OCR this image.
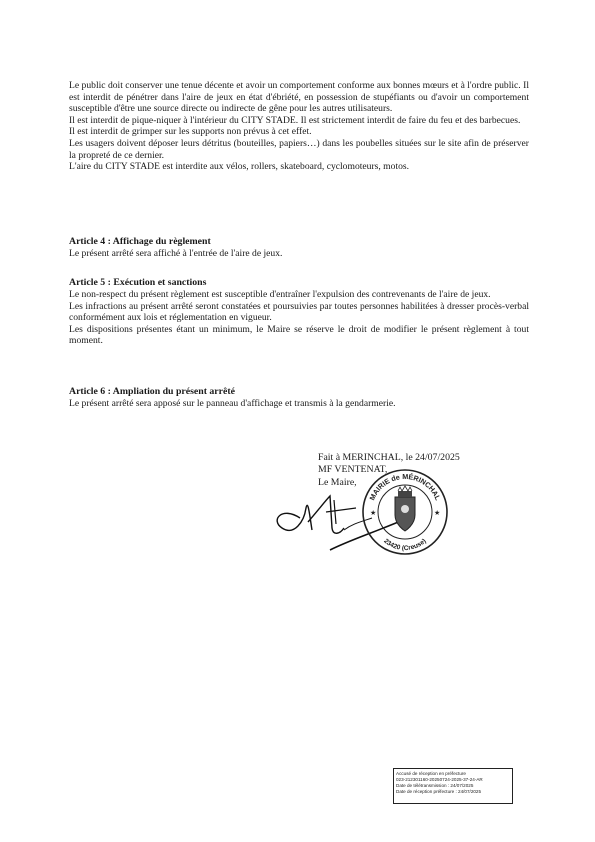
Le public doit conserver une tenue décente et avoir un comportement conforme aux bonnes mœurs et à l'ordre public. Il est interdit de pénétrer dans l'aire de jeux en état d'ébriété, en possession de stupéfiants ou d'avoir un comportement susceptible d'être une source directe ou indirecte de gêne pour les autres utilisateurs.

Il est interdit de pique-niquer à l'intérieur du CITY STADE. Il est strictement interdit de faire du feu et des barbecues.

Il est interdit de grimper sur les supports non prévus à cet effet.

Les usagers doivent déposer leurs détritus (bouteilles, papiers…) dans les poubelles situées sur le site afin de préserver la propreté de ce dernier.

L'aire du CITY STADE est interdite aux vélos, rollers, skateboard, cyclomoteurs, motos.

Article 4 : Affichage du règlement
Le présent arrêté sera affiché à l'entrée de l'aire de jeux.
Article 5 : Exécution et sanctions
Le non-respect du présent règlement est susceptible d'entraîner l'expulsion des contrevenants de l'aire de jeux.
Les infractions au présent arrêté seront constatées et poursuivies par toutes personnes habilitées à dresser procès-verbal conformément aux lois et réglementation en vigueur.
Les dispositions présentes étant un minimum, le Maire se réserve le droit de modifier le présent règlement à tout moment.
Article 6 : Ampliation du présent arrêté
Le présent arrêté sera apposé sur le panneau d'affichage et transmis à la gendarmerie.
Fait à MERINCHAL, le 24/07/2025
MF VENTENAT,
Le Maire,
MAIRIE de MÉRINCHAL
23420 (Creuse)
★	★
Accusé de réception en préfecture
023-212301160-20250724-2025-37-24-AR
Date de télétransmission : 24/07/2025
Date de réception préfecture : 24/07/2025
